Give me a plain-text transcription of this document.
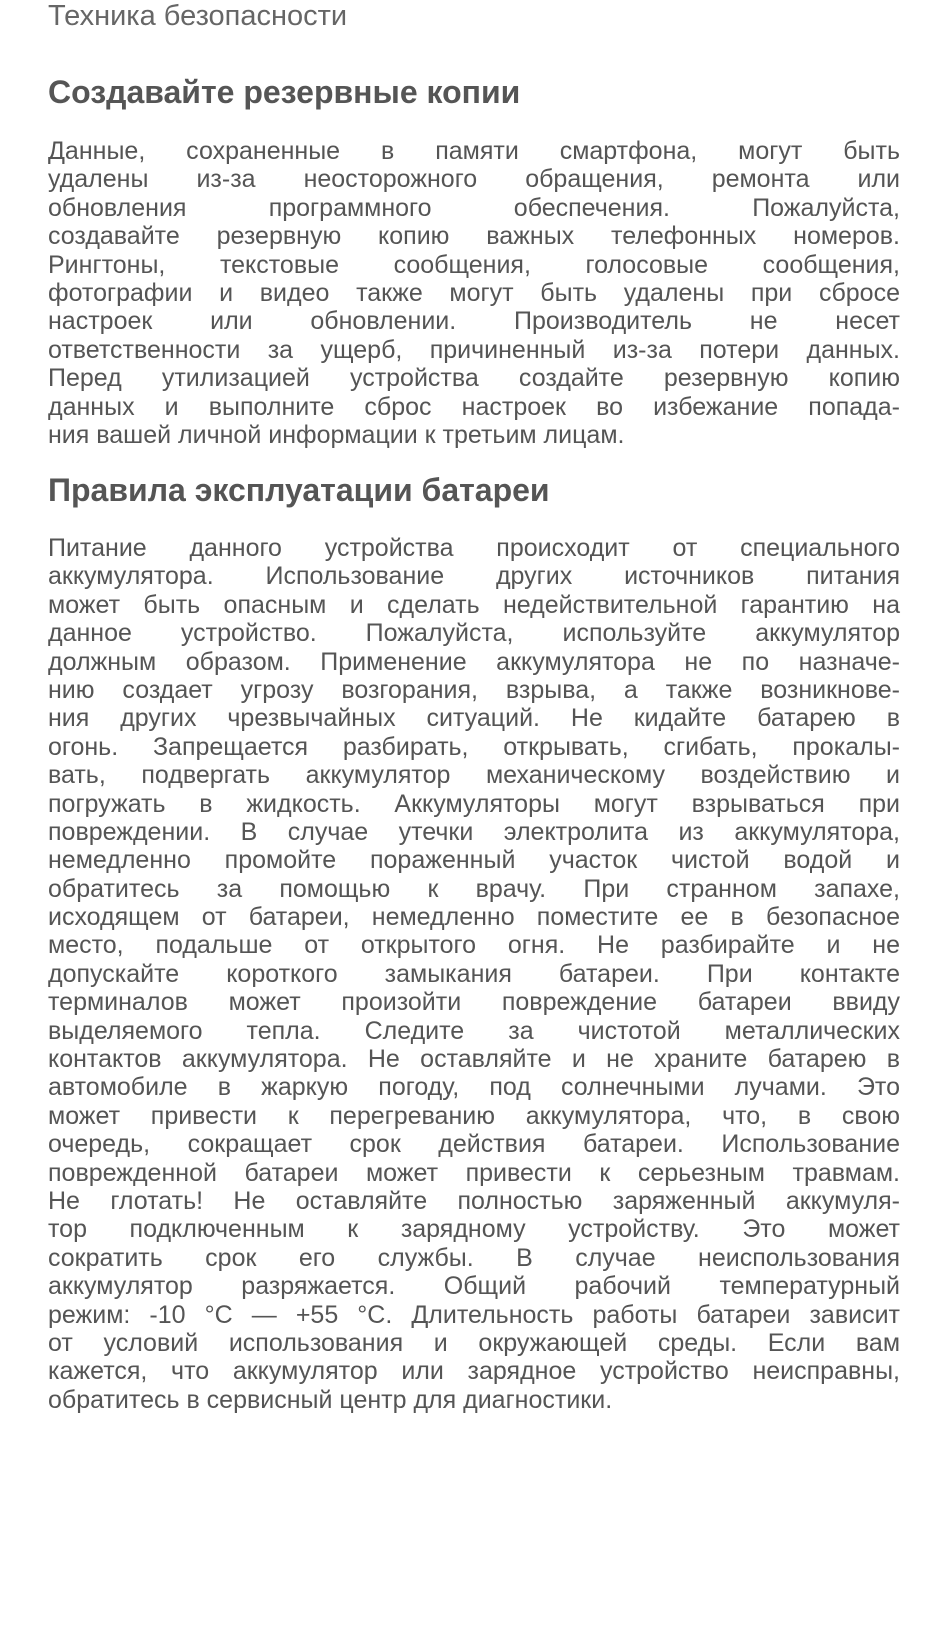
Техника безопасности
Создавайте резервные копии
Данные, сохраненные в памяти смартфона, могут быть
удалены из-за неосторожного обращения, ремонта или
обновления программного обеспечения. Пожалуйста,
создавайте резервную копию важных телефонных номеров.
Рингтоны, текстовые сообщения, голосовые сообщения,
фотографии и видео также могут быть удалены при сбросе
настроек или обновлении. Производитель не несет
ответственности за ущерб, причиненный из-за потери данных.
Перед утилизацией устройства создайте резервную копию
данных и выполните сброс настроек во избежание попада-
ния вашей личной информации к третьим лицам.
Правила эксплуатации батареи
Питание данного устройства происходит от специального
аккумулятора. Использование других источников питания
может быть опасным и сделать недействительной гарантию на
данное устройство. Пожалуйста, используйте аккумулятор
должным образом. Применение аккумулятора не по назначе-
нию создает угрозу возгорания, взрыва, а также возникнове-
ния других чрезвычайных ситуаций. Не кидайте батарею в
огонь. Запрещается разбирать, открывать, сгибать, прокалы-
вать, подвергать аккумулятор механическому воздействию и
погружать в жидкость. Аккумуляторы могут взрываться при
повреждении. В случае утечки электролита из аккумулятора,
немедленно промойте пораженный участок чистой водой и
обратитесь за помощью к врачу. При странном запахе,
исходящем от батареи, немедленно поместите ее в безопасное
место, подальше от открытого огня. Не разбирайте и не
допускайте короткого замыкания батареи. При контакте
терминалов может произойти повреждение батареи ввиду
выделяемого тепла. Следите за чистотой металлических
контактов аккумулятора. Не оставляйте и не храните батарею в
автомобиле в жаркую погоду, под солнечными лучами. Это
может привести к перегреванию аккумулятора, что, в свою
очередь, сокращает срок действия батареи. Использование
поврежденной батареи может привести к серьезным травмам.
Не глотать! Не оставляйте полностью заряженный аккумуля-
тор подключенным к зарядному устройству. Это может
сократить срок его службы. В случае неиспользования
аккумулятор разряжается. Общий рабочий температурный
режим: -10 °C — +55 °C. Длительность работы батареи зависит
от условий использования и окружающей среды. Если вам
кажется, что аккумулятор или зарядное устройство неисправны,
обратитесь в сервисный центр для диагностики.
